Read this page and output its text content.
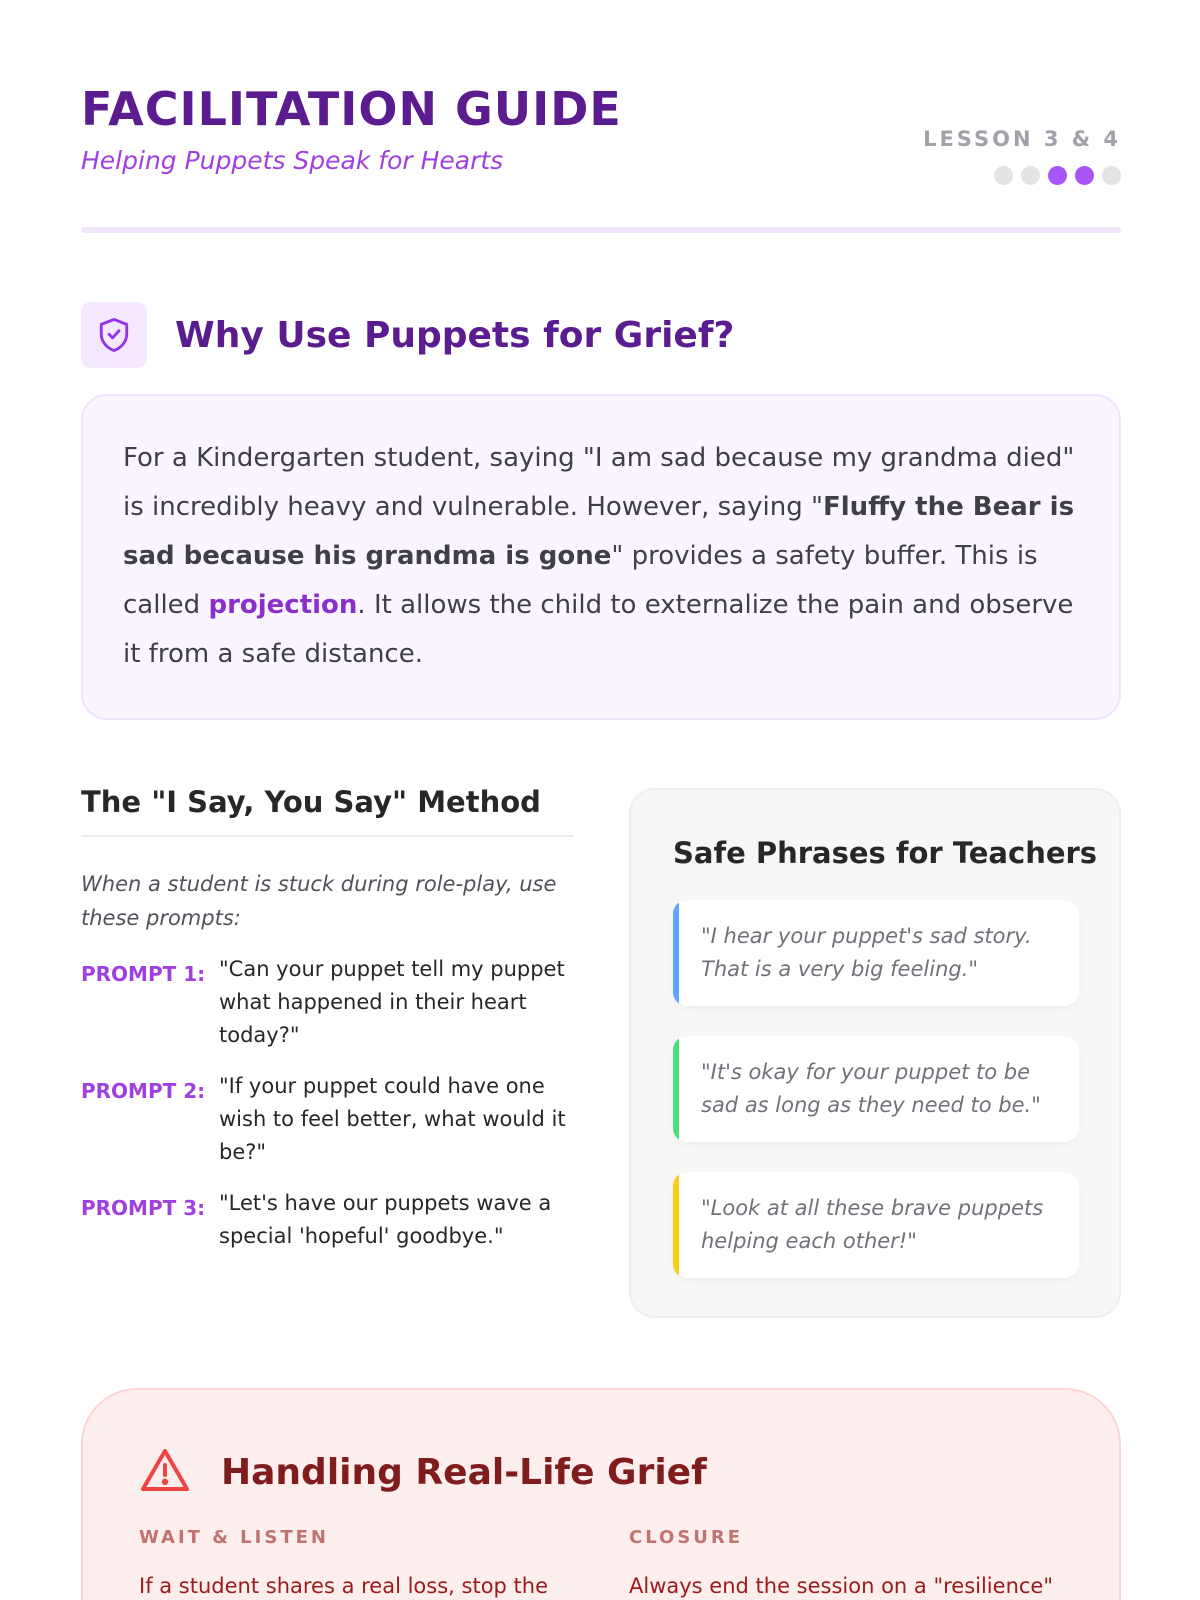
FACILITATION GUIDE
Helping Puppets Speak for Hearts
LESSON 3 & 4
Why Use Puppets for Grief?

For a Kindergarten student, saying "I am sad because my grandma died" is incredibly heavy and vulnerable. However, saying "Fluffy the Bear is sad because his grandma is gone" provides a safety buffer. This is called projection. It allows the child to externalize the pain and observe it from a safe distance.

The "I Say, You Say" Method
When a student is stuck during role-play, use these prompts:
PROMPT 1: "Can your puppet tell my puppet what happened in their heart today?"
PROMPT 2: "If your puppet could have one wish to feel better, what would it be?"
PROMPT 3: "Let's have our puppets wave a special 'hopeful' goodbye."
Safe Phrases for Teachers

"I hear your puppet's sad story. That is a very big feeling."

"It's okay for your puppet to be sad as long as they need to be."

"Look at all these brave puppets helping each other!"

Handling Real-Life Grief
WAIT & LISTEN
If a student shares a real loss, stop the
CLOSURE
Always end the session on a "resilience"
